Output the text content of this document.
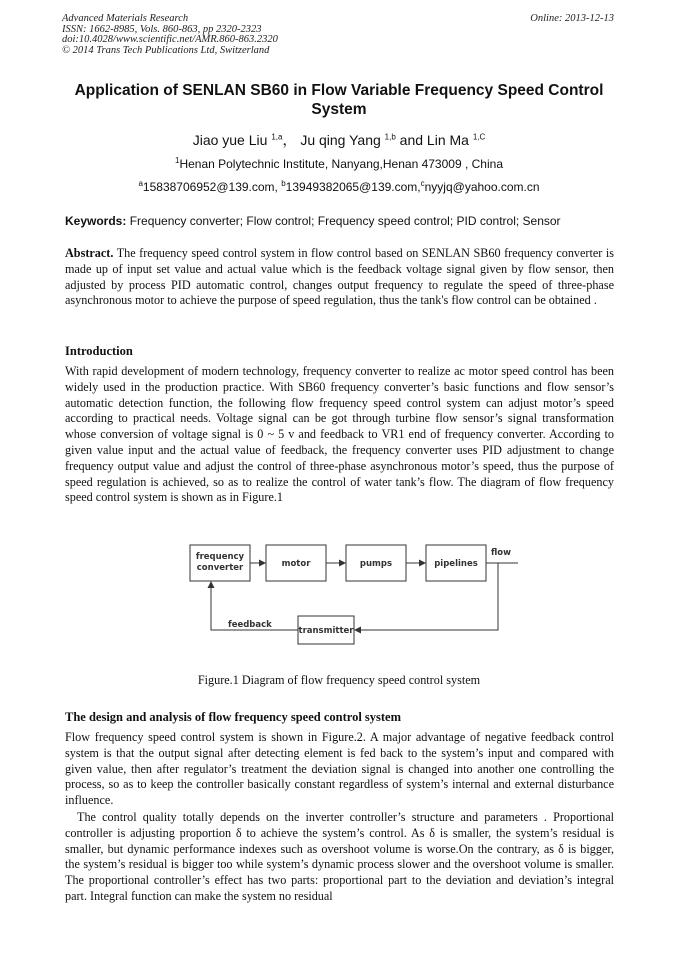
Advanced Materials Research
ISSN: 1662-8985, Vols. 860-863, pp 2320-2323
doi:10.4028/www.scientific.net/AMR.860-863.2320
© 2014 Trans Tech Publications Ltd, Switzerland
Online: 2013-12-13
Application of SENLAN SB60 in Flow Variable Frequency Speed Control
System
Jiao yue Liu $^{1,a}$， Ju qing Yang $^{1,b}$ and Lin Ma $^{1,C}$
$^1$Henan Polytechnic Institute, Nanyang,Henan 473009 , China
$^a$15838706952@139.com, $^b$13949382065@139.com,$^c$nyyjq@yahoo.com.cn
Keywords: Frequency converter; Flow control; Frequency speed control; PID control; Sensor
Abstract. The frequency speed control system in flow control based on SENLAN SB60 frequency converter is made up of input set value and actual value which is the feedback voltage signal given by flow sensor, then adjusted by process PID automatic control, changes output frequency to regulate the speed of three-phase asynchronous motor to achieve the purpose of speed regulation, thus the tank's flow control can be obtained .
Introduction
With rapid development of modern technology, frequency converter to realize ac motor speed control has been widely used in the production practice. With SB60 frequency converter’s basic functions and flow sensor’s automatic detection function, the following flow frequency speed control system can adjust motor’s speed according to practical needs. Voltage signal can be got through turbine flow sensor’s signal transformation whose conversion of voltage signal is 0 ~ 5 v and feedback to VR1 end of frequency converter. According to given value input and the actual value of feedback, the frequency converter uses PID adjustment to change frequency output value and adjust the control of three-phase asynchronous motor’s speed, thus the purpose of speed regulation is achieved, so as to realize the control of water tank’s flow. The diagram of flow frequency speed control system is shown as in Figure.1
frequency
converter	motor	pumps	pipelines
flow
feedback
transmitter
Figure.1 Diagram of flow frequency speed control system
The design and analysis of flow frequency speed control system
Flow frequency speed control system is shown in Figure.2. A major advantage of negative feedback control system is that the output signal after detecting element is fed back to the system’s input and compared with given value, then after regulator’s treatment the deviation signal is changed into another one controlling the process, so as to keep the controller basically constant regardless of system’s internal and external disturbance influence.
The control quality totally depends on the inverter controller’s structure and parameters . Proportional controller is adjusting proportion δ to achieve the system’s control. As δ is smaller, the system’s residual is smaller, but dynamic performance indexes such as overshoot volume is worse.On the contrary, as δ is bigger, the system’s residual is bigger too while system’s dynamic process slower and the overshoot volume is smaller. The proportional controller’s effect has two parts: proportional part to the deviation and deviation’s integral part. Integral function can make the system no residual
